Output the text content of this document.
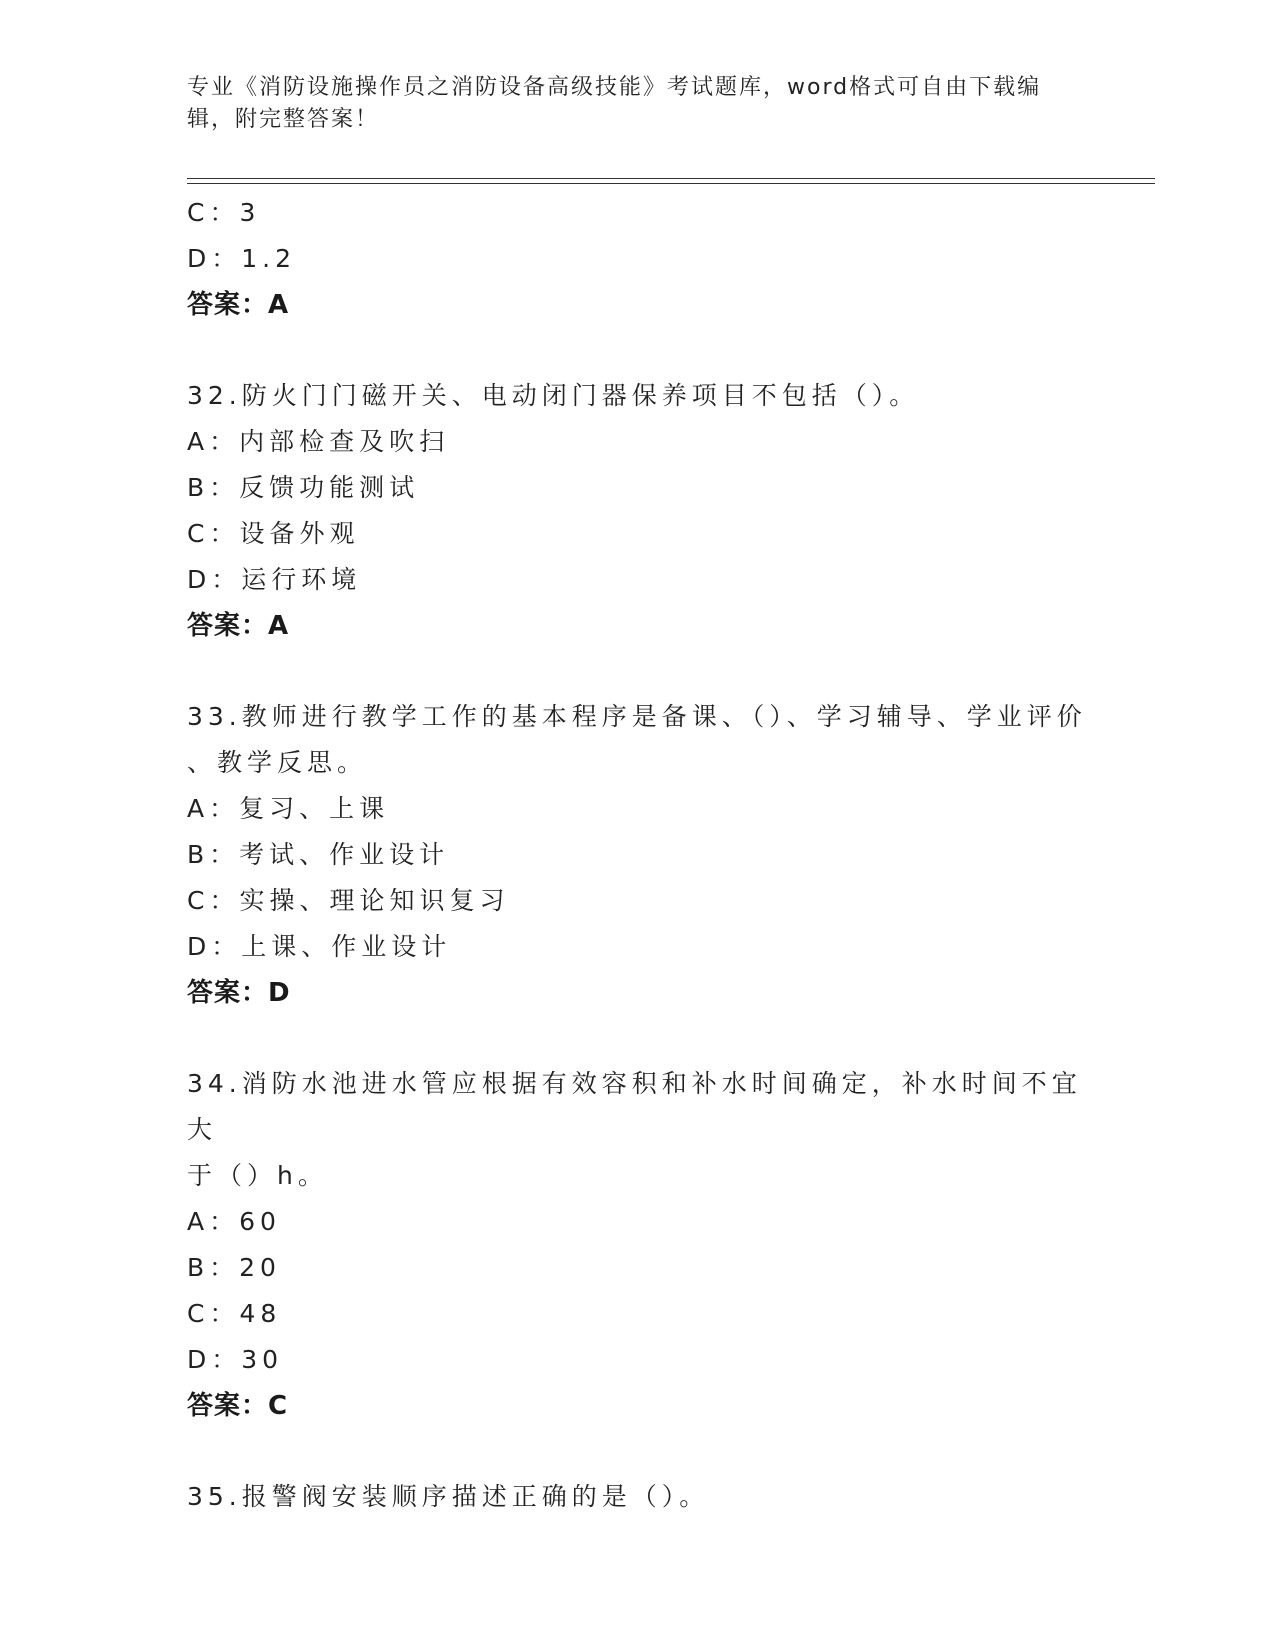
专业《消防设施操作员之消防设备高级技能》考试题库，word格式可自由下载编
辑，附完整答案！
C：3
D：1.2
答案：A
32.防火门门磁开关、电动闭门器保养项目不包括（）。
A：内部检查及吹扫
B：反馈功能测试
C：设备外观
D：运行环境
答案：A
33.教师进行教学工作的基本程序是备课、（）、学习辅导、学业评价
、教学反思。
A：复习、上课
B：考试、作业设计
C：实操、理论知识复习
D：上课、作业设计
答案：D
34.消防水池进水管应根据有效容积和补水时间确定，补水时间不宜大
于（）h。
A：60
B：20
C：48
D：30
答案：C
35.报警阀安装顺序描述正确的是（）。
